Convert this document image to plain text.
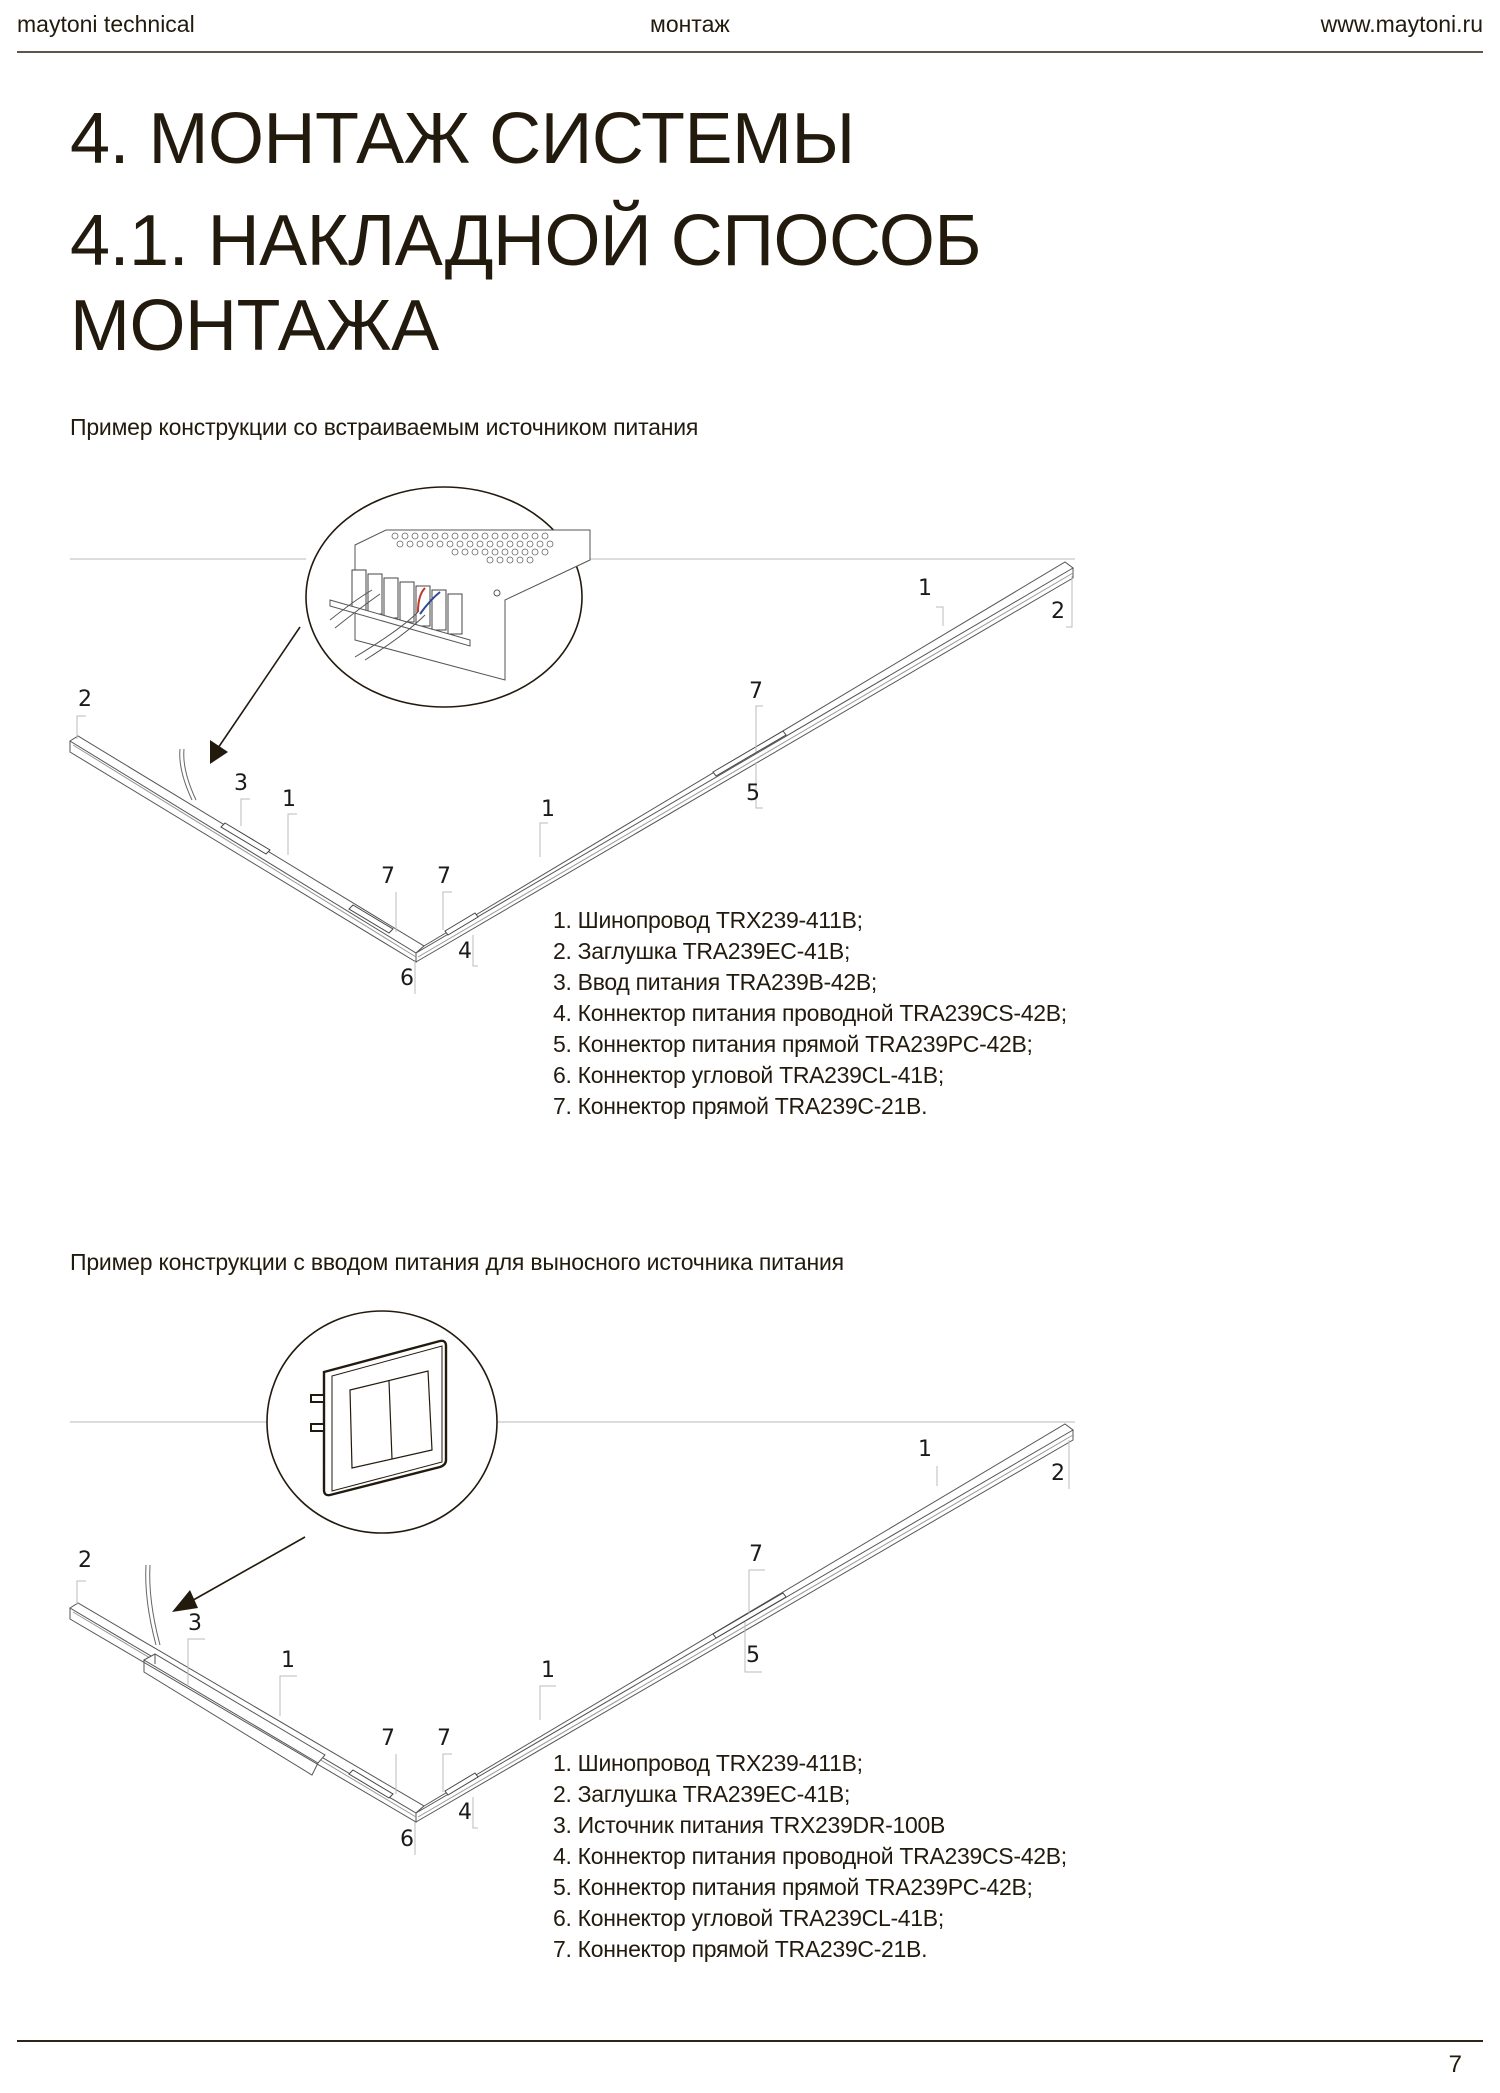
maytoni technical	монтаж	www.maytoni.ru
4. МОНТАЖ СИСТЕМЫ
4.1. НАКЛАДНОЙ СПОСОБ
МОНТАЖА
Пример конструкции со встраиваемым источником питания
2
3
1
7 7
6
4
1
7
5
1
2
1. Шинопровод TRX239-411B;
2. Заглушка TRA239EC-41B;
3. Ввод питания TRA239B-42B;
4. Коннектор питания проводной TRA239CS-42B;
5. Коннектор питания прямой TRA239PC-42B;
6. Коннектор угловой TRA239CL-41B;
7. Коннектор прямой TRA239C-21B.
Пример конструкции с вводом питания для выносного источника питания
2
3
1
7 7
6
4
1
7
5
1
2
1. Шинопровод TRX239-411B;
2. Заглушка TRA239EC-41B;
3. Источник питания TRX239DR-100B
4. Коннектор питания проводной TRA239CS-42B;
5. Коннектор питания прямой TRA239PC-42B;
6. Коннектор угловой TRA239CL-41B;
7. Коннектор прямой TRA239C-21B.
7
